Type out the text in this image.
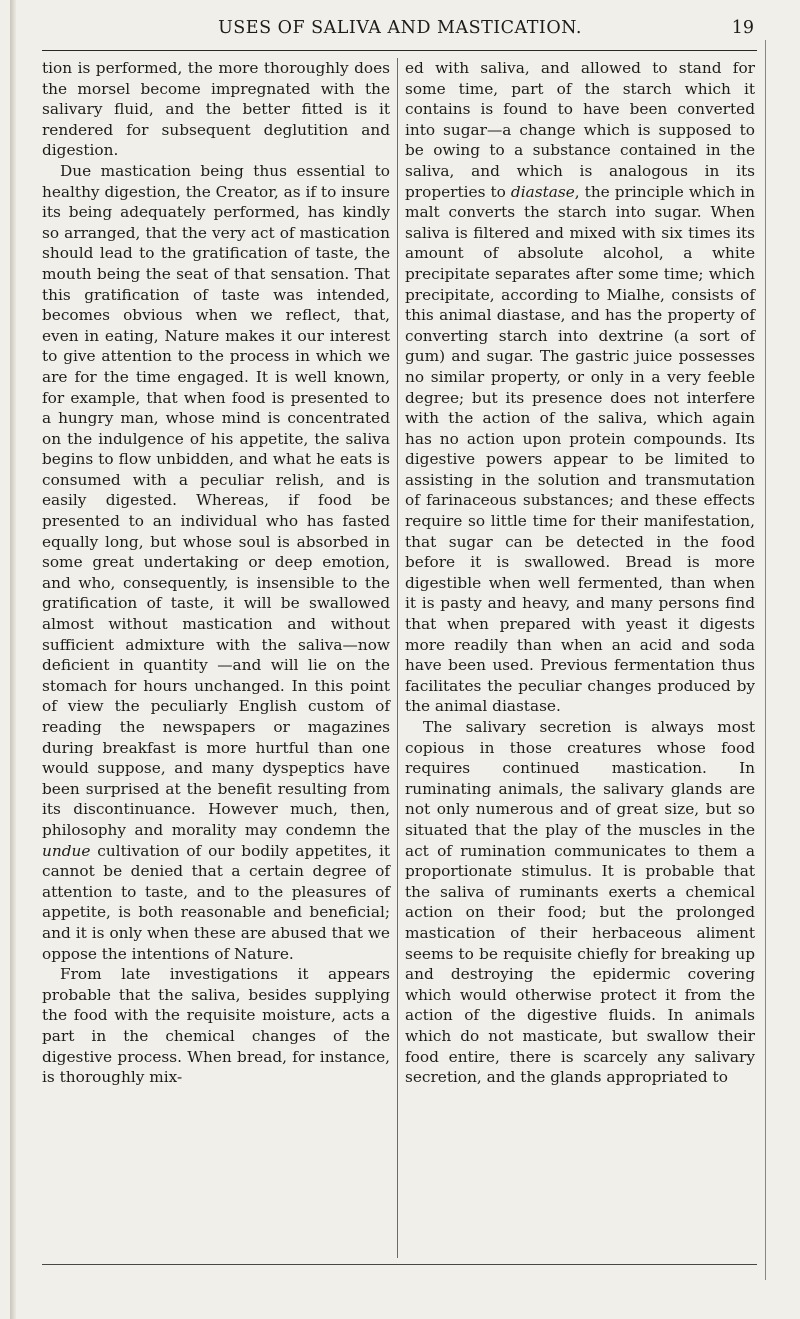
USES OF SALIVA AND MASTICATION.	19

tion is performed, the more thoroughly does the morsel become impregnated with the salivary fluid, and the better fitted is it rendered for subsequent deglutition and digestion.

Due mastication being thus essential to healthy digestion, the Creator, as if to insure its being adequately performed, has kindly so arranged, that the very act of mastication should lead to the gratification of taste, the mouth being the seat of that sensation. That this gratification of taste was intended, becomes obvious when we reflect, that, even in eating, Nature makes it our interest to give attention to the process in which we are for the time engaged. It is well known, for example, that when food is presented to a hungry man, whose mind is concentrated on the indulgence of his appetite, the saliva begins to flow unbidden, and what he eats is consumed with a peculiar relish, and is easily digested. Whereas, if food be presented to an individual who has fasted equally long, but whose soul is absorbed in some great undertaking or deep emotion, and who, consequently, is insensible to the gratification of taste, it will be swallowed almost without mastication and without sufficient admixture with the saliva—now deficient in quantity —and will lie on the stomach for hours unchanged. In this point of view the peculiarly English custom of reading the newspapers or magazines during breakfast is more hurtful than one would suppose, and many dyspeptics have been surprised at the benefit resulting from its discontinuance. However much, then, philosophy and morality may condemn the undue cultivation of our bodily appetites, it cannot be denied that a certain degree of attention to taste, and to the pleasures of appetite, is both reasonable and beneficial; and it is only when these are abused that we oppose the intentions of Nature.

From late investigations it appears probable that the saliva, besides supplying the food with the requisite moisture, acts a part in the chemical changes of the digestive process. When bread, for instance, is thoroughly mix-

ed with saliva, and allowed to stand for some time, part of the starch which it contains is found to have been converted into sugar—a change which is supposed to be owing to a substance contained in the saliva, and which is analogous in its properties to diastase, the principle which in malt converts the starch into sugar. When saliva is filtered and mixed with six times its amount of absolute alcohol, a white precipitate separates after some time; which precipitate, according to Mialhe, consists of this animal diastase, and has the property of converting starch into dextrine (a sort of gum) and sugar. The gastric juice possesses no similar property, or only in a very feeble degree; but its presence does not interfere with the action of the saliva, which again has no action upon protein compounds. Its digestive powers appear to be limited to assisting in the solution and transmutation of farinaceous substances; and these effects require so little time for their manifestation, that sugar can be detected in the food before it is swallowed. Bread is more digestible when well fermented, than when it is pasty and heavy, and many persons find that when prepared with yeast it digests more readily than when an acid and soda have been used. Previous fermentation thus facilitates the peculiar changes produced by the animal diastase.

The salivary secretion is always most copious in those creatures whose food requires continued mastication. In ruminating animals, the salivary glands are not only numerous and of great size, but so situated that the play of the muscles in the act of rumination communicates to them a proportionate stimulus. It is probable that the saliva of ruminants exerts a chemical action on their food; but the prolonged mastication of their herbaceous aliment seems to be requisite chiefly for breaking up and destroying the epidermic covering which would otherwise protect it from the action of the digestive fluids. In animals which do not masticate, but swallow their food entire, there is scarcely any salivary secretion, and the glands appropriated to
